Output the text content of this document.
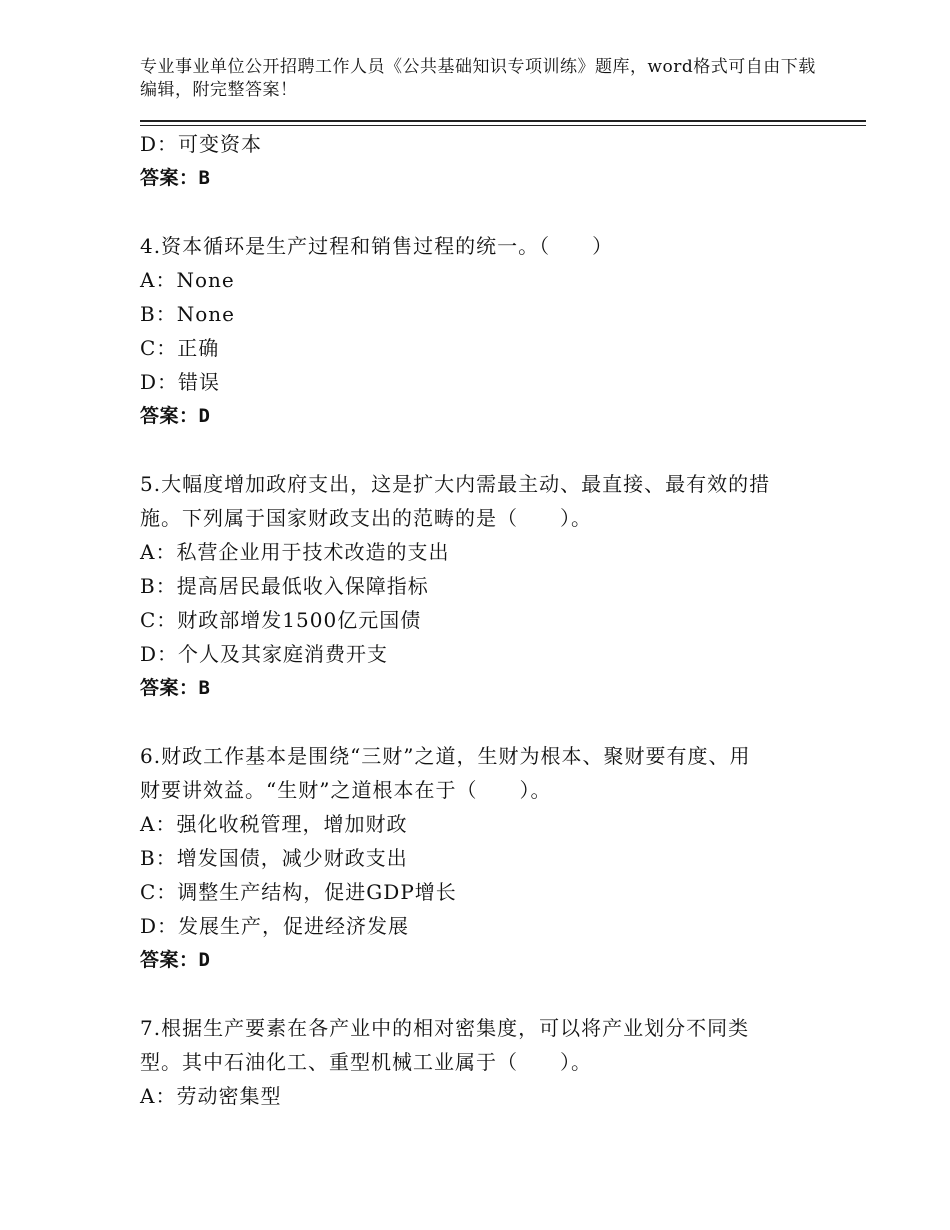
专业事业单位公开招聘工作人员《公共基础知识专项训练》题库，word格式可自由下载编辑，附完整答案！
D：可变资本
答案：B
4.资本循环是生产过程和销售过程的统一。（　　）
A：None
B：None
C：正确
D：错误
答案：D
5.大幅度增加政府支出，这是扩大内需最主动、最直接、最有效的措
施。下列属于国家财政支出的范畴的是（　　）。
A：私营企业用于技术改造的支出
B：提高居民最低收入保障指标
C：财政部增发1500亿元国债
D：个人及其家庭消费开支
答案：B
6.财政工作基本是围绕“三财”之道，生财为根本、聚财要有度、用
财要讲效益。“生财”之道根本在于（　　）。
A：强化收税管理，增加财政
B：增发国债，减少财政支出
C：调整生产结构，促进GDP增长
D：发展生产，促进经济发展
答案：D
7.根据生产要素在各产业中的相对密集度，可以将产业划分不同类
型。其中石油化工、重型机械工业属于（　　）。
A：劳动密集型
